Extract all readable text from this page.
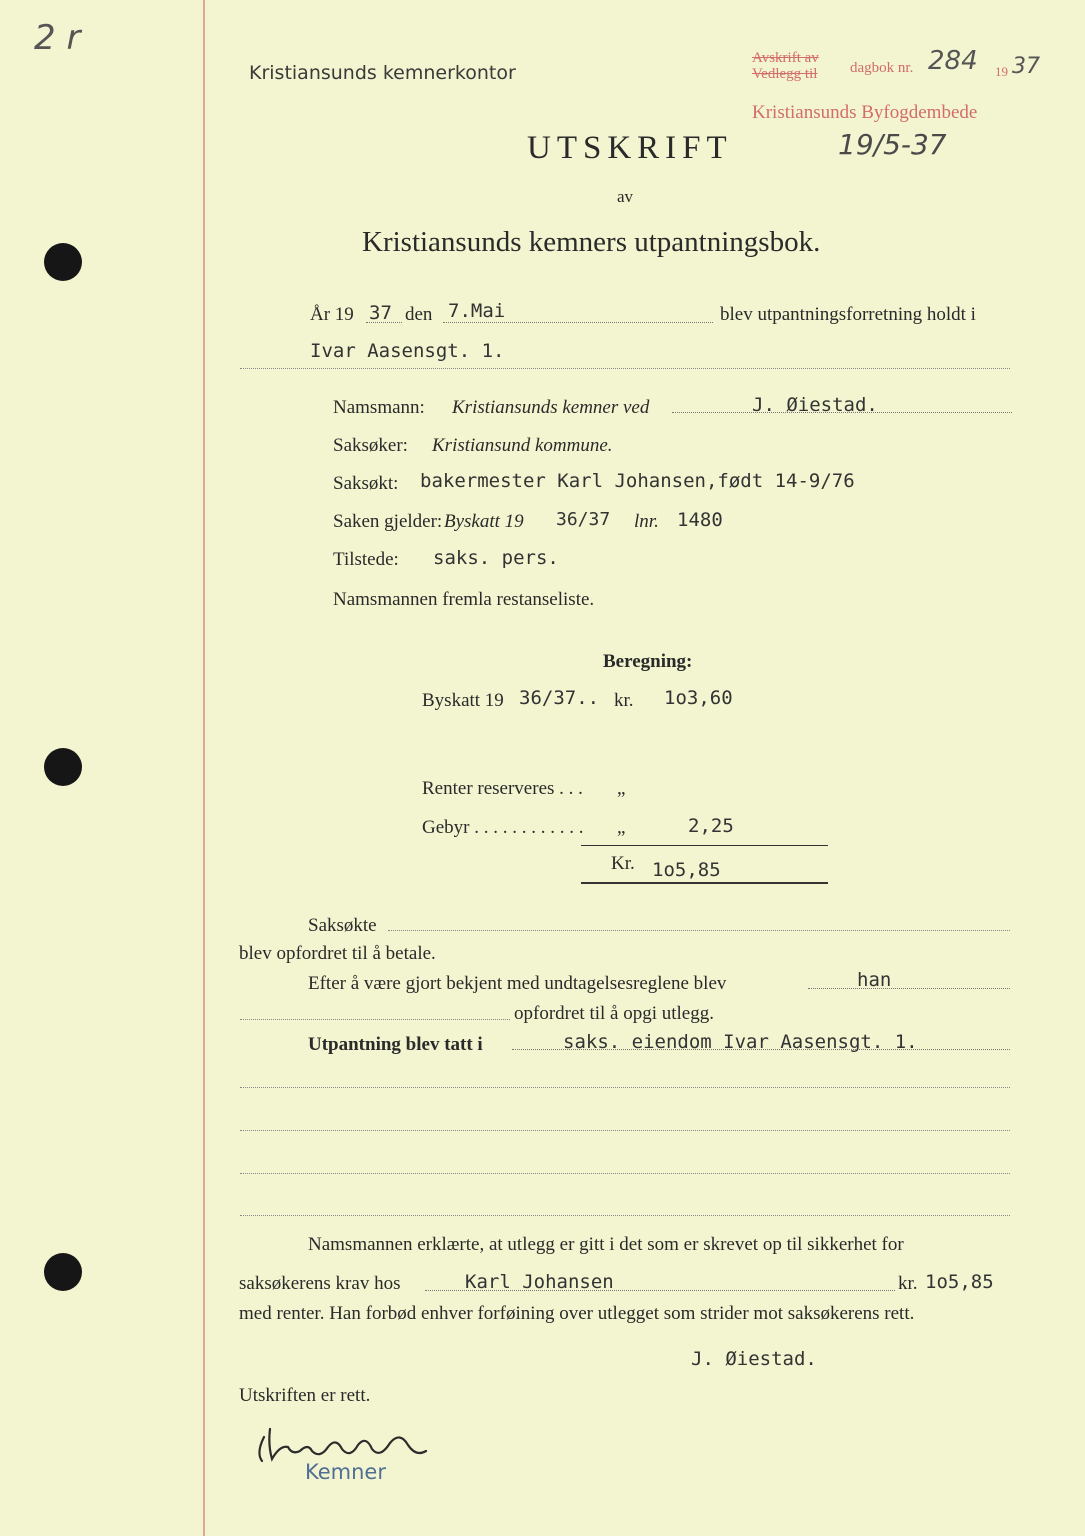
2 r
Kristiansunds kemnerkontor
Avskrift av
Vedlegg til dagbok nr. 284 19 37
Kristiansunds Byfogdembede
19/5-37
UTSKRIFT
av
Kristiansunds kemners utpantningsbok.
År 19 37 den 7.Mai	blev utpantningsforretning holdt i
Ivar Aasensgt. 1.
Namsmann: Kristiansunds kemner ved	J. Øiestad.
Saksøker: Kristiansund kommune.
Saksøkt: bakermester Karl Johansen,født 14-9/76
Saken gjelder: Byskatt 19 36/37 lnr. 1480
Tilstede: saks. pers.
Namsmannen fremla restanseliste.
Beregning:
Byskatt 19 36/37.. kr. 1o3,60
Renter reserveres . . . „
Gebyr . . . . . . . . . . . . „	2,25
Kr. 1o5,85
Saksøkte
blev opfordret til å betale.
Efter å være gjort bekjent med undtagelsesreglene blev	han
opfordret til å opgi utlegg.
Utpantning blev tatt i	saks. eiendom Ivar Aasensgt. 1.
Namsmannen erklærte, at utlegg er gitt i det som er skrevet op til sikkerhet for
saksøkerens krav hos	Karl Johansen	kr. 1o5,85
med renter. Han forbød enhver forføining over utlegget som strider mot saksøkerens rett.
J. Øiestad.
Utskriften er rett.
Kemner
